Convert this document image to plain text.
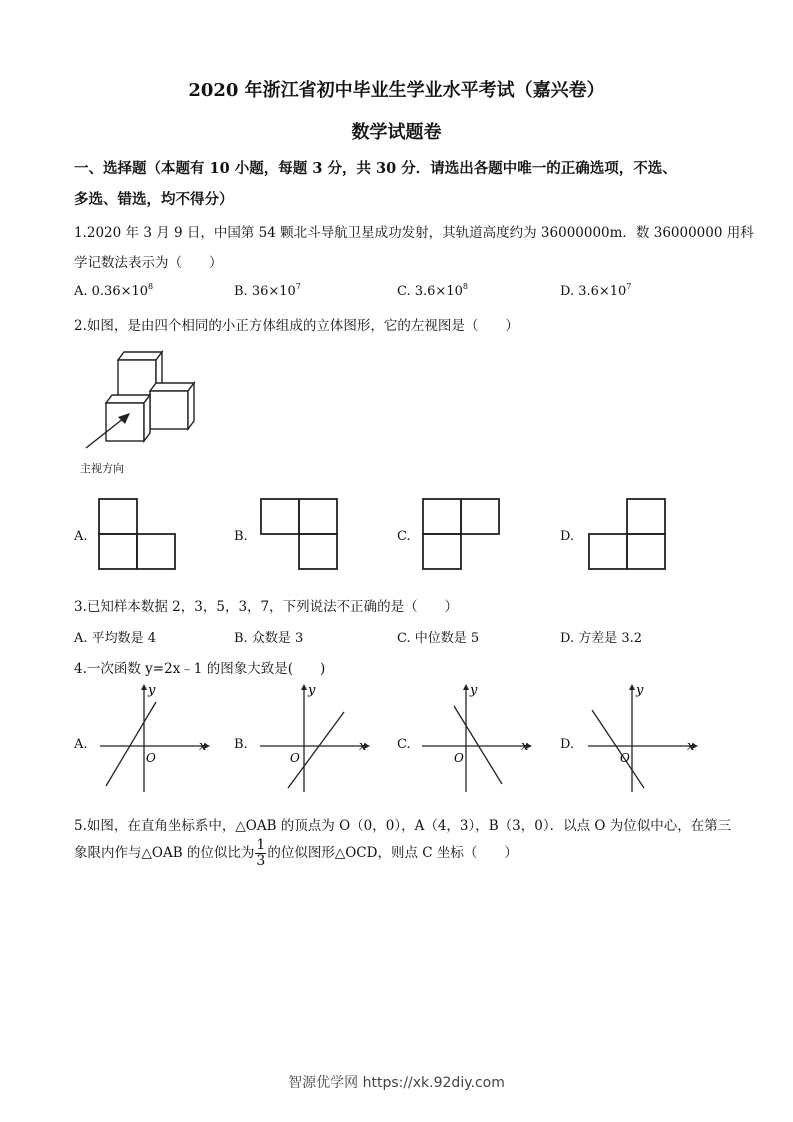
2020 年浙江省初中毕业生学业水平考试（嘉兴卷）
数学试题卷
一、选择题（本题有 10 小题，每题 3 分，共 30 分．请选出各题中唯一的正确选项，不选、
多选、错选，均不得分）
1.2020 年 3 月 9 日，中国第 54 颗北斗导航卫星成功发射，其轨道高度约为 36000000m．数 36000000 用科
学记数法表示为（　　）
A. $0.36\times 10^8$	B. $36\times 10^7$	C. $3.6\times 10^8$	D. $3.6\times 10^7$
2.如图，是由四个相同的小正方体组成的立体图形，它的左视图是（　　）
主视方向
A.	B.	C.	D.
3.已知样本数据 2，3，5，3，7，下列说法不正确的是（　　）
A. 平均数是 4	B. 众数是 3	C. 中位数是 5	D. 方差是 3.2
4.一次函数 y=2x﹣1 的图象大致是(　　)
A.	x
y
O
B.	x
y
O
C.	x
y
O
D.	x
y
O
5.如图，在直角坐标系中，△OAB 的顶点为 O（0，0），A（4，3），B（3，0）．以点 O 为位似中心，在第三
象限内作与△OAB 的位似比为 $\frac{1}{3}$ 的位似图形△OCD，则点 C 坐标（　　）
智源优学网 https://xk.92diy.com
